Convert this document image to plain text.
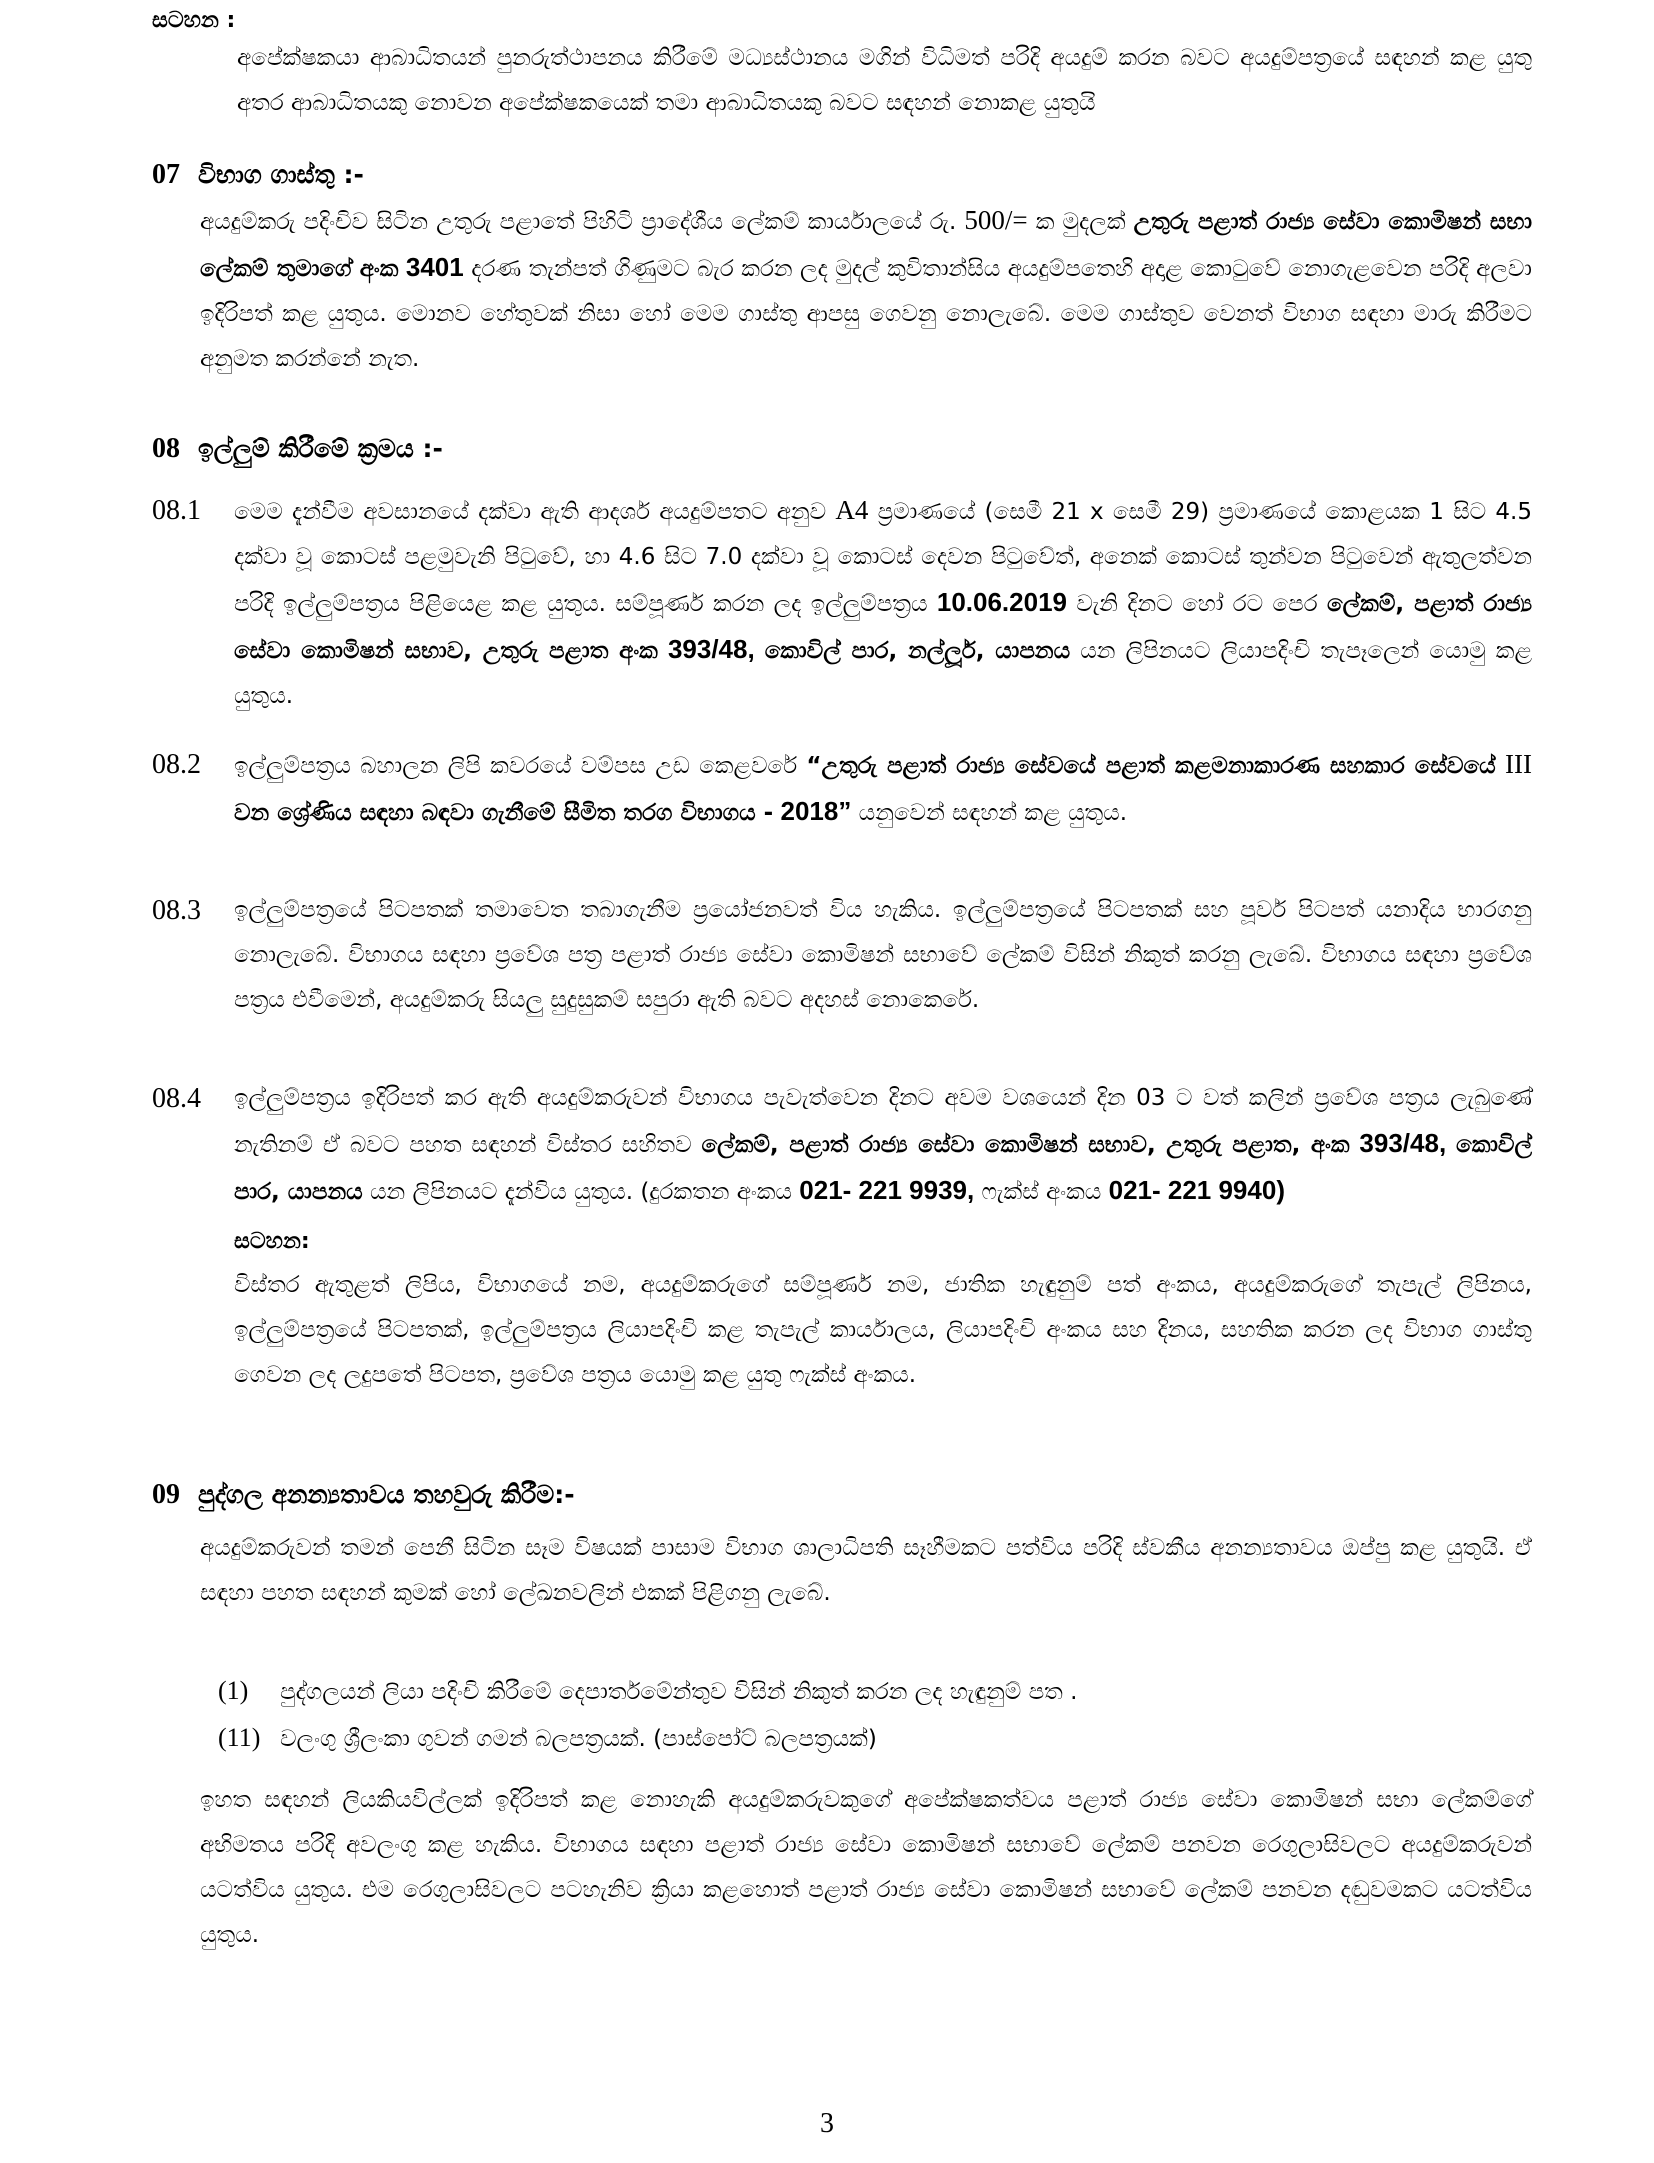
සටහන :

අපේක්ෂකයා ආබාධිතයන් පුනරුත්ථාපනය කිරීමේ මධ්‍යස්ථානය මගින් විධිමත් පරිදි අයදුම් කරන බවට අයදුම්පත්‍රයේ සඳහන් කළ යුතු අතර ආබාධිතයකු නොවන අපේක්ෂකයෙක් තමා ආබාධිතයකු බවට සඳහන් නොකළ යුතුයි

07 විභාග ගාස්තු :-

අයදුම්කරු පදිංචිව සිටින උතුරු පළාතේ පිහිටි ප්‍රාදේශීය ලේකම් කාර්යාලයේ රු. 500/= ක මුදලක් උතුරු පළාත් රාජ්‍ය සේවා කොමිෂන් සභා ලේකම් තුමාගේ අංක 3401 දරණ තැන්පත් ගිණුමට බැර කරන ලද මුදල් කුවිතාන්සිය අයදුම්පතෙහි අදාළ කොටුවේ නොගැළවෙන පරිදි අලවා ඉදිරිපත් කළ යුතුය. මොනව හේතුවක් නිසා හෝ මෙම ගාස්තු ආපසු ගෙවනු නොලැබේ. මෙම ගාස්තුව වෙනත් විභාග සඳහා මාරු කිරීමට අනුමත කරන්නේ නැත.

08 ඉල්ලුම් කිරීමේ ක්‍රමය :-

08.1 මෙම දැන්වීම අවසානයේ දක්වා ඇති ආදර්ශ අයදුම්පතට අනුව A4 ප්‍රමාණයේ (සෙමී 21 x සෙමී 29) ප්‍රමාණයේ කොළයක 1 සිට 4.5 දක්වා වූ කොටස් පළමුවැනි පිටුවේ, හා 4.6 සිට 7.0 දක්වා වූ කොටස් දෙවන පිටුවේත්, අනෙක් කොටස් තුන්වන පිටුවෙන් ඇතුලත්වන පරිදි ඉල්ලුම්පත්‍රය පිළියෙළ කළ යුතුය. සම්පූර්ණ කරන ලද ඉල්ලුම්පත්‍රය 10.06.2019 වැනි දිනට හෝ රට පෙර ලේකම්, පළාත් රාජ්‍ය සේවා කොමිෂන් සභාව, උතුරු පළාත අංක 393/48, කොවිල් පාර, නල්ලූර්, යාපනය යන ලිපිනයට ලියාපදිංචි තැපෑලෙන් යොමු කළ යුතුය.

08.2 ඉල්ලුම්පත්‍රය බහාලන ලිපි කවරයේ වම්පස උඩ කෙළවරේ “උතුරු පළාත් රාජ්‍ය සේවයේ පළාත් කළමනාකාරණ සහකාර සේවයේ III වන ශ්‍රේණිය සඳහා බඳවා ගැනීමේ සීමිත තරග විභාගය - 2018” යනුවෙන් සඳහන් කළ යුතුය.

08.3 ඉල්ලුම්පත්‍රයේ පිටපතක් තමාවෙත තබාගැනීම ප්‍රයෝජනවත් විය හැකිය. ඉල්ලුම්පත්‍රයේ පිටපතක් සහ පූර්ව පිටපත් යනාදිය භාරගනු නොලැබේ. විභාගය සඳහා ප්‍රවේශ පත්‍ර පළාත් රාජ්‍ය සේවා කොමිෂන් සභාවේ ලේකම් විසින් නිකුත් කරනු ලැබේ. විභාගය සඳහා ප්‍රවේශ පත්‍රය එවීමෙන්, අයදුම්කරු සියලු සුදුසුකම් සපුරා ඇති බවට අදහස් නොකෙරේ.

08.4 ඉල්ලුම්පත්‍රය ඉදිරිපත් කර ඇති අයදුම්කරුවන් විභාගය පැවැත්වෙන දිනට අවම වශයෙන් දින 03 ට වත් කලින් ප්‍රවේශ පත්‍රය ලැබුණේ නැතිනම් ඒ බවට පහත සඳහන් විස්තර සහිතව ලේකම්, පළාත් රාජ්‍ය සේවා කොමිෂන් සභාව, උතුරු පළාත, අංක 393/48, කොවිල් පාර, යාපනය යන ලිපිනයට දැන්විය යුතුය. (දුරකතන අංකය 021- 221 9939, ෆැක්ස් අංකය 021- 221 9940)

සටහන:

විස්තර ඇතුළත් ලිපිය, විභාගයේ නම, අයදුම්කරුගේ සම්පූර්ණ නම, ජාතික හැඳුනුම් පත් අංකය, අයදුම්කරුගේ තැපැල් ලිපිනය, ඉල්ලුම්පත්‍රයේ පිටපතක්, ඉල්ලුම්පත්‍රය ලියාපදිංචි කළ තැපැල් කාර්යාලය, ලියාපදිංචි අංකය සහ දිනය, සහතික කරන ලද විභාග ගාස්තු ගෙවන ලද ලදුපතේ පිටපත, ප්‍රවේශ පත්‍රය යොමු කළ යුතු ෆැක්ස් අංකය.

09 පුද්ගල අනන්‍යතාවය තහවුරු කිරීම:-

අයදුම්කරුවන් තමන් පෙනී සිටින සෑම විෂයක් පාසාම විභාග ශාලාධිපති සෑහීමකට පත්විය පරිදි ස්වකීය අනන්‍යතාවය ඔප්පු කළ යුතුයි. ඒ සඳහා පහත සඳහන් කුමක් හෝ ලේඛනවලින් එකක් පිළිගනු ලැබේ.

(1) පුද්ගලයන් ලියා පදිංචි කිරීමේ දෙපාර්තමේන්තුව විසින් නිකුත් කරන ලද හැඳුනුම් පත .

(11) වලංගු ශ්‍රීලංකා ගුවන් ගමන් බලපත්‍රයක්. (පාස්පෝට් බලපත්‍රයක්)

ඉහත සඳහන් ලියකියවිල්ලක් ඉදිරිපත් කළ නොහැකි අයදුම්කරුවකුගේ අපේක්ෂකත්වය පළාත් රාජ්‍ය සේවා කොමිෂන් සභා ලේකම්ගේ අභිමතය පරිදි අවලංගු කළ හැකිය. විභාගය සඳහා පළාත් රාජ්‍ය සේවා කොමිෂන් සභාවේ ලේකම් පනවන රෙගුලාසිවලට අයදුම්කරුවන් යටත්විය යුතුය. එම රෙගුලාසිවලට පටහැනිව ක්‍රියා කළහොත් පළාත් රාජ්‍ය සේවා කොමිෂන් සභාවේ ලේකම් පනවන දඬුවමකට යටත්විය යුතුය.

3
